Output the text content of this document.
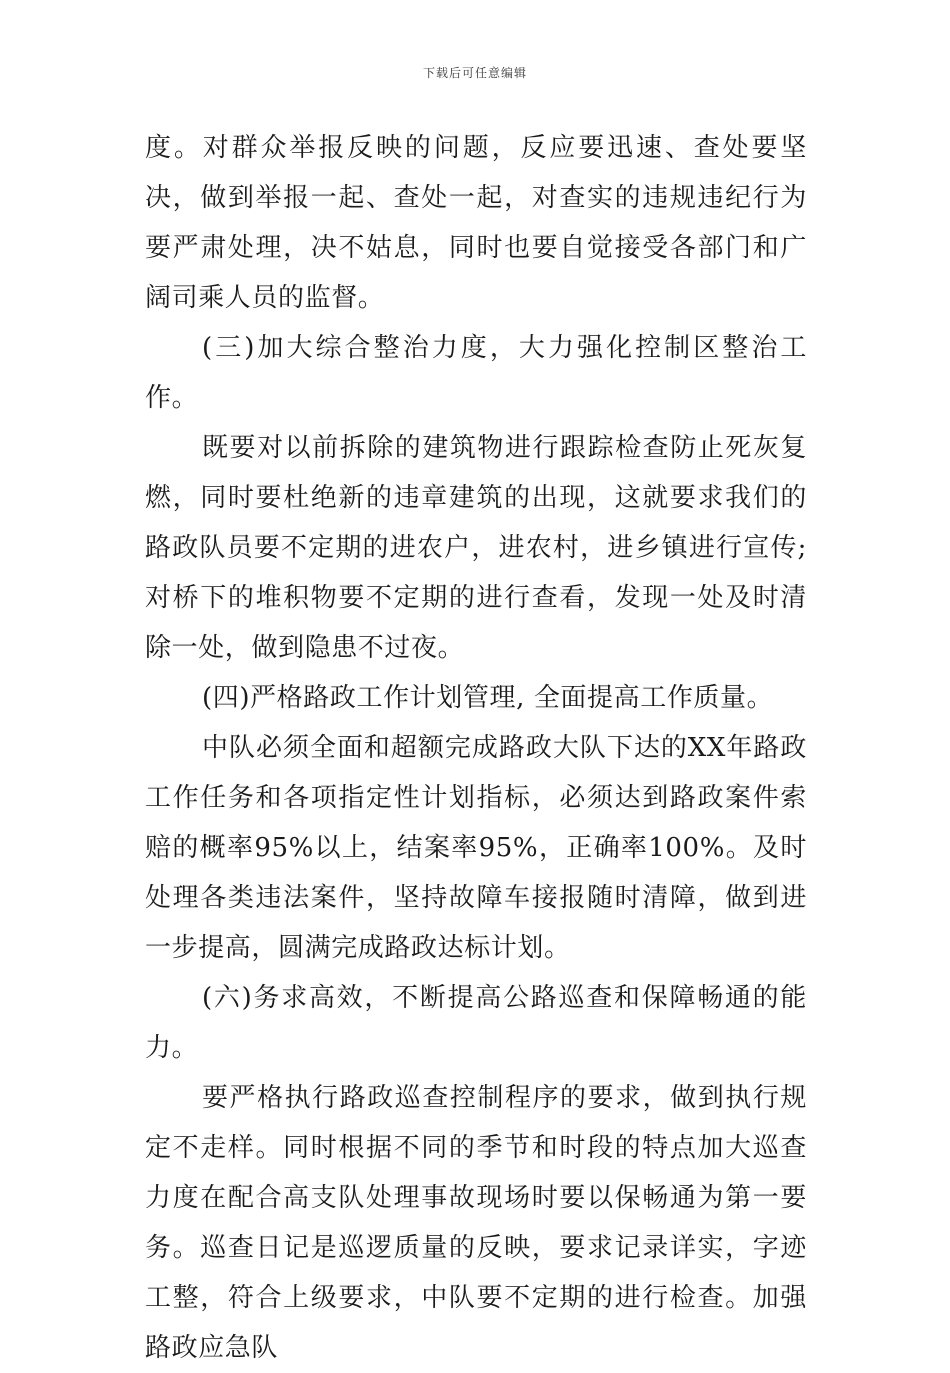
下载后可任意编辑

度。对群众举报反映的问题，反应要迅速、查处要坚决，做到举报一起、查处一起，对查实的违规违纪行为要严肃处理，决不姑息，同时也要自觉接受各部门和广阔司乘人员的监督。

(三)加大综合整治力度，大力强化控制区整治工作。

既要对以前拆除的建筑物进行跟踪检查防止死灰复燃，同时要杜绝新的违章建筑的出现，这就要求我们的路政队员要不定期的进农户，进农村，进乡镇进行宣传;对桥下的堆积物要不定期的进行查看，发现一处及时清除一处，做到隐患不过夜。

(四)严格路政工作计划管理, 全面提高工作质量。

中队必须全面和超额完成路政大队下达的XX年路政工作任务和各项指定性计划指标，必须达到路政案件索赔的概率95%以上，结案率95%，正确率100%。及时处理各类违法案件，坚持故障车接报随时清障，做到进一步提高，圆满完成路政达标计划。

(六)务求高效，不断提高公路巡查和保障畅通的能力。

要严格执行路政巡查控制程序的要求，做到执行规定不走样。同时根据不同的季节和时段的特点加大巡查力度在配合高支队处理事故现场时要以保畅通为第一要务。巡查日记是巡逻质量的反映，要求记录详实，字迹工整，符合上级要求，中队要不定期的进行检查。加强路政应急队
